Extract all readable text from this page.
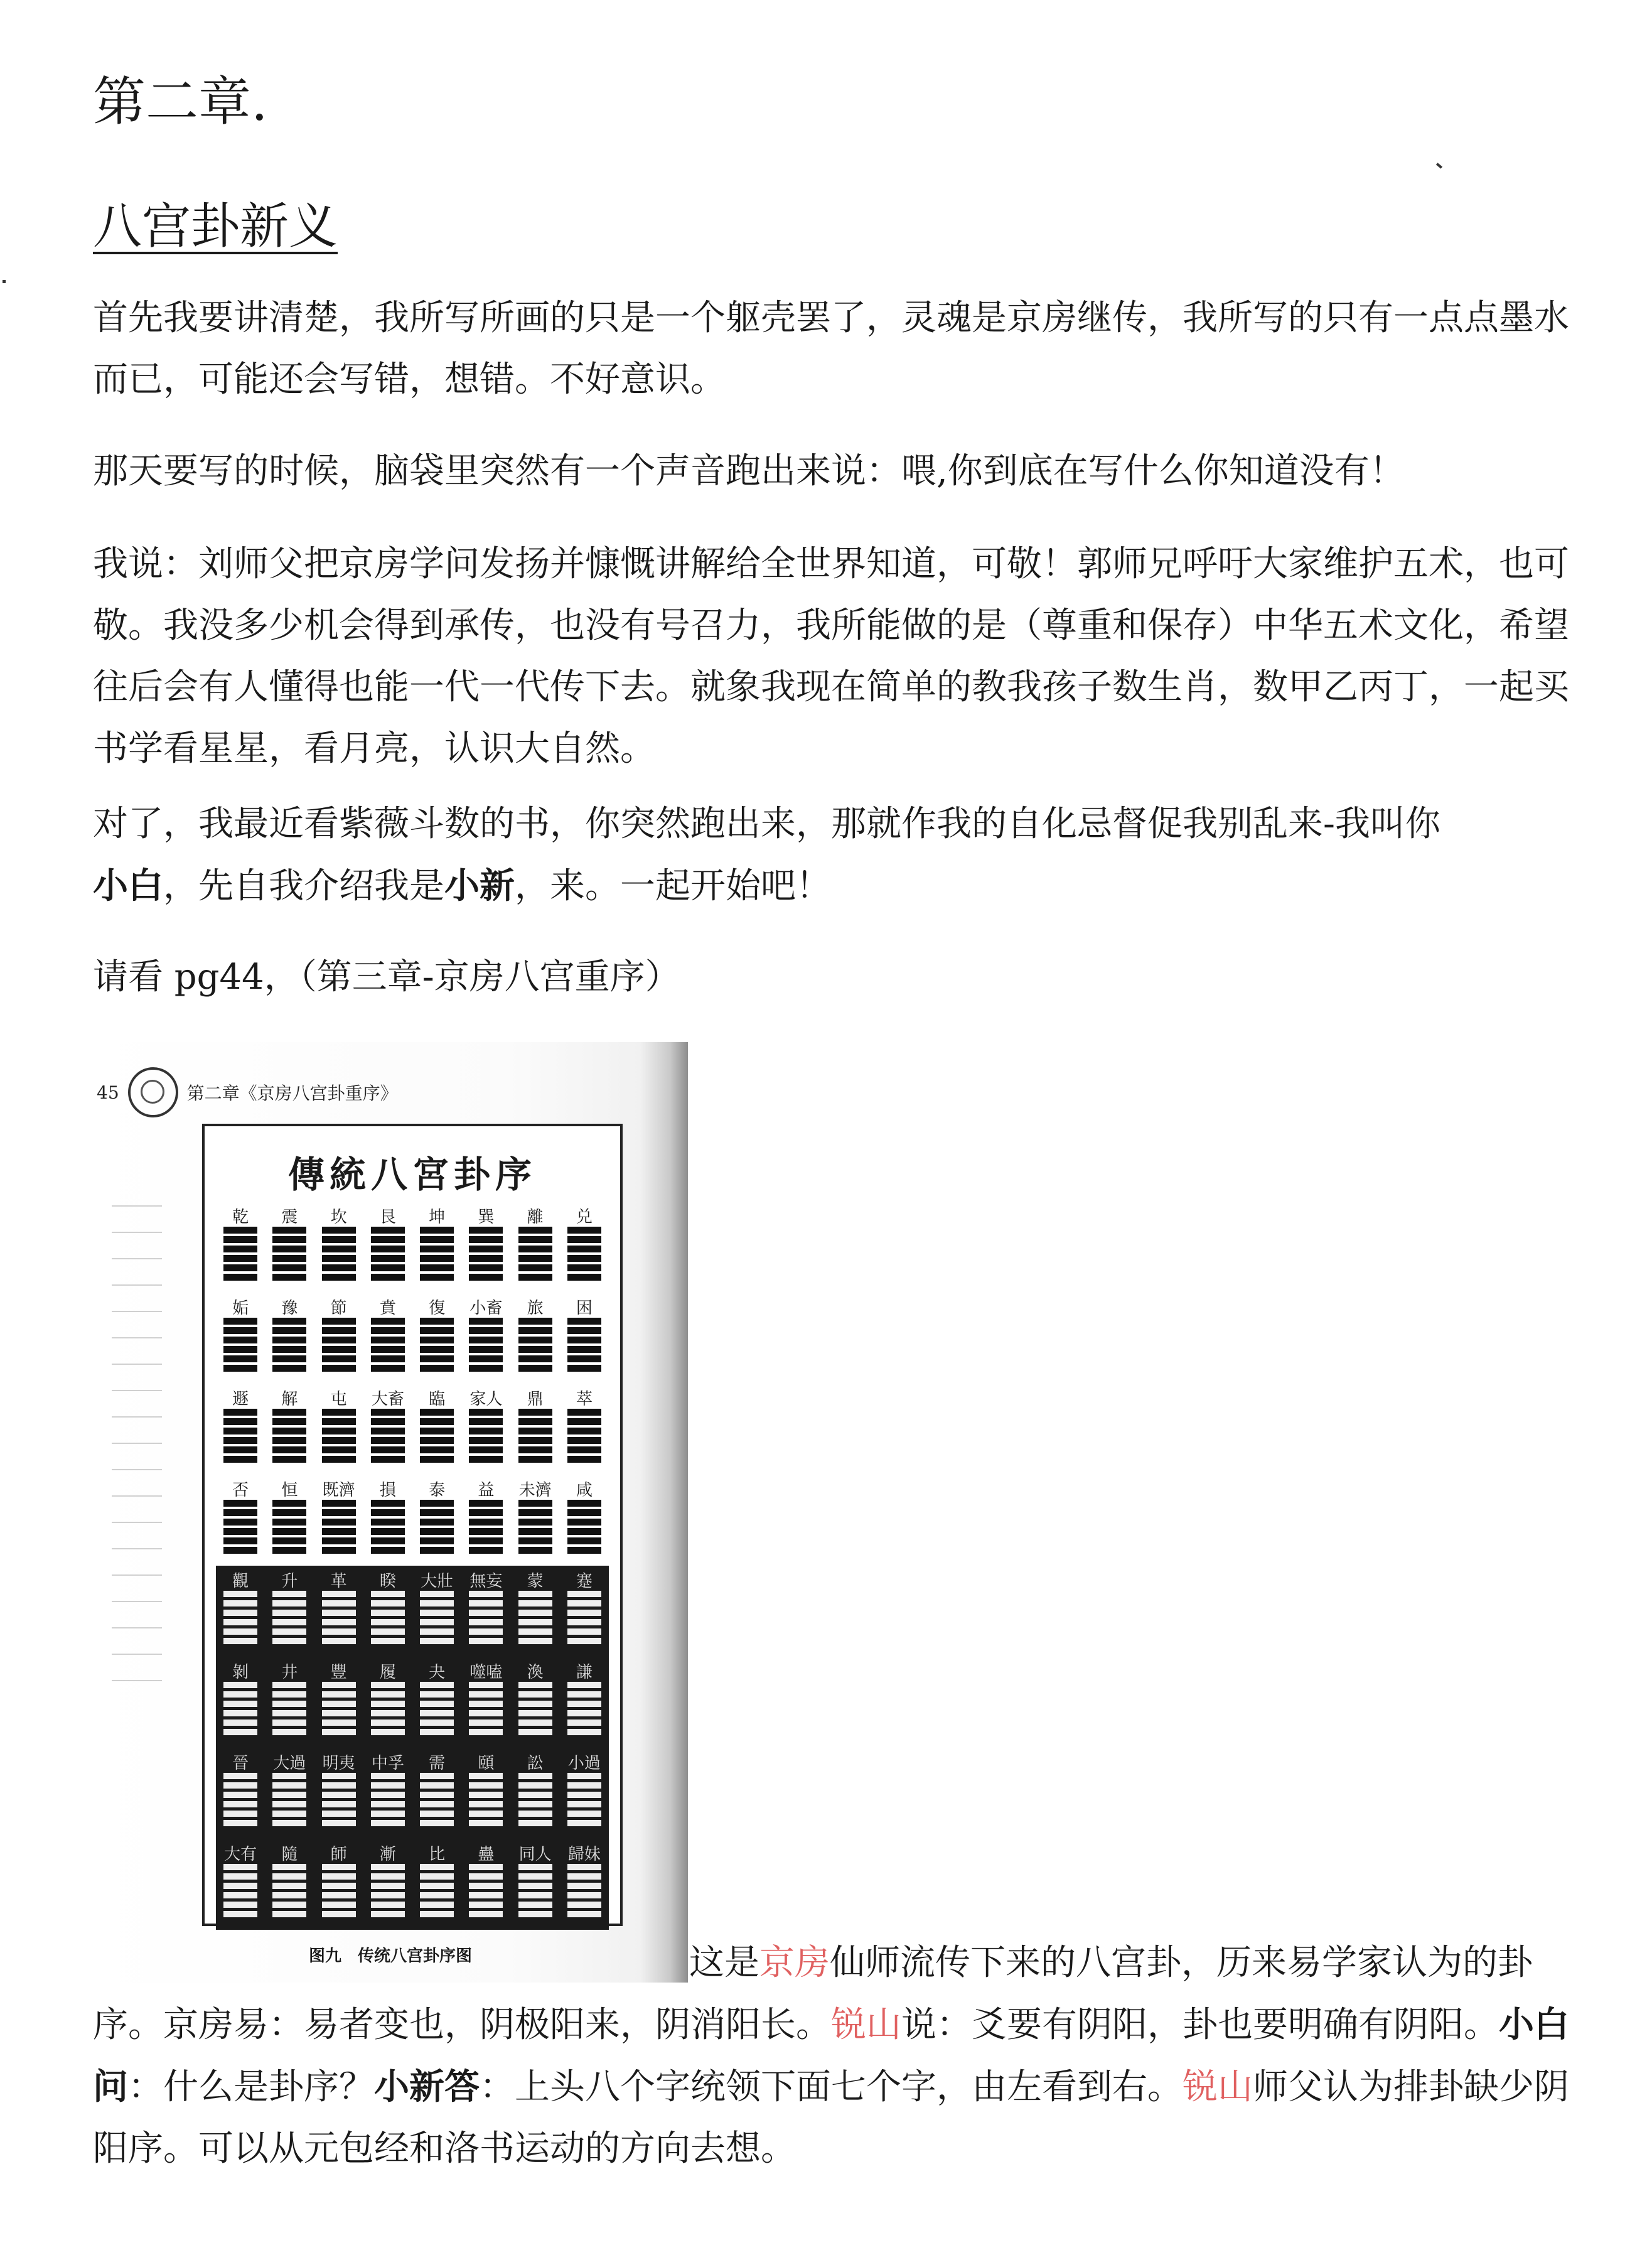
第二章.
八宫卦新义

首先我要讲清楚，我所写所画的只是一个躯壳罢了，灵魂是京房继传，我所写的只有一点点墨水而已，可能还会写错，想错。不好意识。

那天要写的时候，脑袋里突然有一个声音跑出来说：喂,你到底在写什么你知道没有！

我说：刘师父把京房学问发扬并慷慨讲解给全世界知道，可敬！郭师兄呼吁大家维护五术，也可敬。我没多少机会得到承传，也没有号召力，我所能做的是（尊重和保存）中华五术文化，希望往后会有人懂得也能一代一代传下去。就象我现在简单的教我孩子数生肖，数甲乙丙丁，一起买书学看星星，看月亮，认识大自然。

对了，我最近看紫薇斗数的书，你突然跑出来，那就作我的自化忌督促我别乱来-我叫你
小白，先自我介绍我是小新，来。一起开始吧！

请看 pg44，（第三章-京房八宫重序）

45	第二章《京房八宫卦重序》
傳統八宮卦序
乾 震 坎 艮 坤 巽 離 兑
姤 豫 節 賁 復 小畜 旅 困
遯 解 屯 大畜 臨 家人 鼎 萃
否 恒 既濟 損 泰 益 未濟 咸
觀 升 革 睽 大壯 無妄 蒙 蹇
剝 井 豐 履 夬 噬嗑 渙 謙
晉 大過 明夷 中孚 需 頤 訟 小過
大有 隨 師 漸 比 蠱 同人 歸妹
图九　传统八宫卦序图	这是京房仙师流传下来的八宫卦，历来易学家认为的卦序。京房易：易者变也，阴极阳来，阴消阳长。锐山说：爻要有阴阳，卦也要明确有阴阳。小白问：什么是卦序？小新答：上头八个字统领下面七个字，由左看到右。锐山师父认为排卦缺少阴阳序。可以从元包经和洛书运动的方向去想。
